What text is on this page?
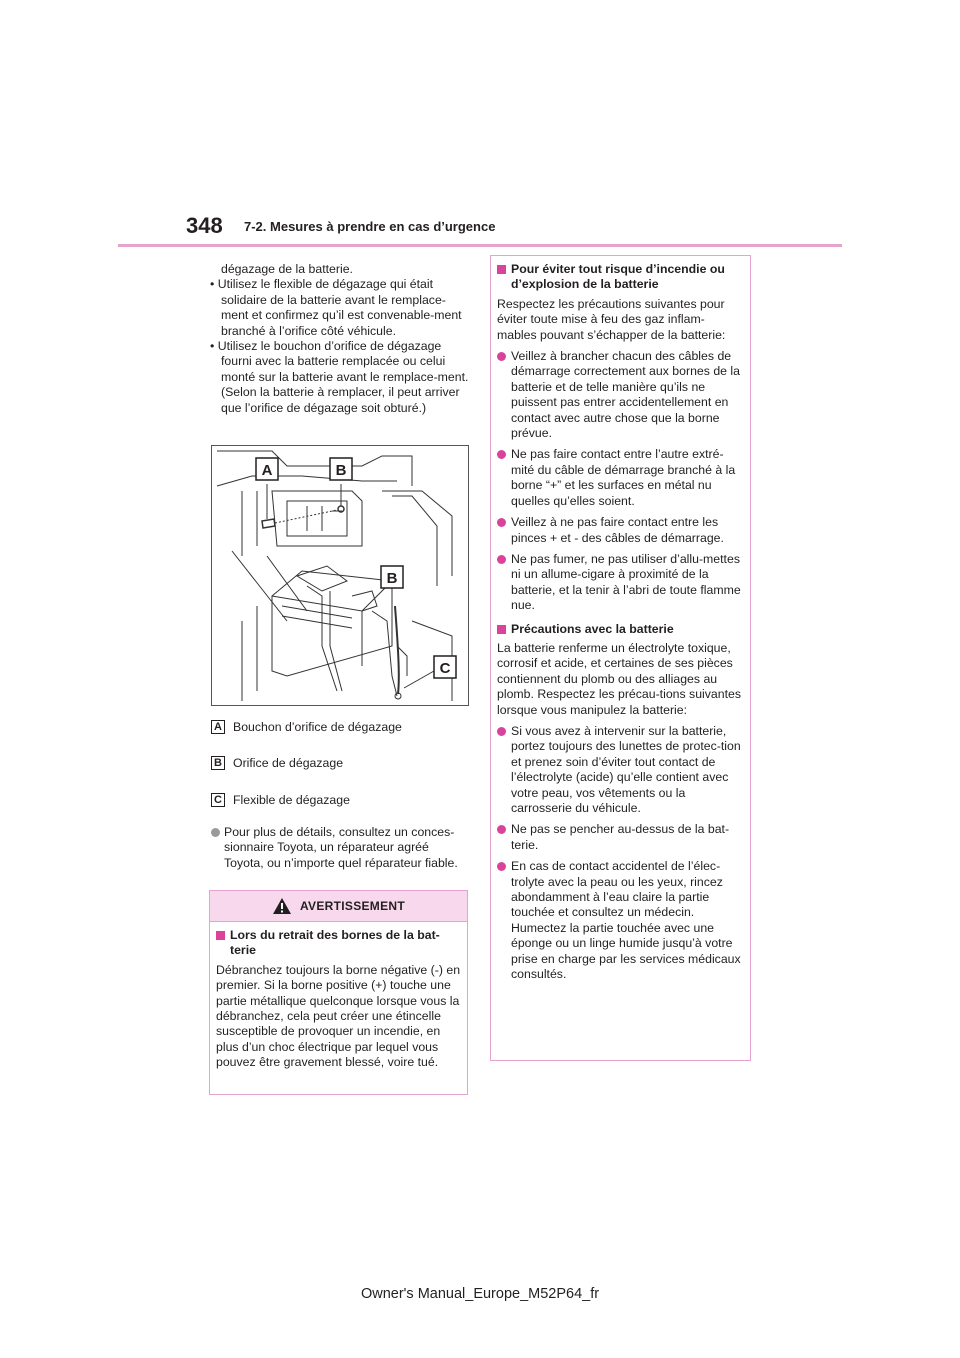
348 7-2. Mesures à prendre en cas d’urgence

dégazage de la batterie.

• Utilisez le flexible de dégazage qui était solidaire de la batterie avant le remplace-ment et confirmez qu’il est convenable-ment branché à l’orifice côté véhicule.

• Utilisez le bouchon d’orifice de dégazage fourni avec la batterie remplacée ou celui monté sur la batterie avant le remplace-ment. (Selon la batterie à remplacer, il peut arriver que l’orifice de dégazage soit obturé.)

A	B
B
C
A Bouchon d’orifice de dégazage
B Orifice de dégazage
C Flexible de dégazage
Pour plus de détails, consultez un conces-sionnaire Toyota, un réparateur agréé Toyota, ou n’importe quel réparateur fiable.
AVERTISSEMENT

Lors du retrait des bornes de la bat-terie

Débranchez toujours la borne négative (-) en premier. Si la borne positive (+) touche une partie métallique quelconque lorsque vous la débranchez, cela peut créer une étincelle susceptible de provoquer un incendie, en plus d’un choc électrique par lequel vous pouvez être gravement blessé, voire tué.

Pour éviter tout risque d’incendie ou d’explosion de la batterie

Respectez les précautions suivantes pour éviter toute mise à feu des gaz inflam-mables pouvant s’échapper de la batterie:

Veillez à brancher chacun des câbles de démarrage correctement aux bornes de la batterie et de telle manière qu’ils ne puissent pas entrer accidentellement en contact avec autre chose que la borne prévue.

Ne pas faire contact entre l’autre extré-mité du câble de démarrage branché à la borne “+” et les surfaces en métal nu quelles qu’elles soient.

Veillez à ne pas faire contact entre les pinces + et - des câbles de démarrage.

Ne pas fumer, ne pas utiliser d’allu-mettes ni un allume-cigare à proximité de la batterie, et la tenir à l’abri de toute flamme nue.

Précautions avec la batterie

La batterie renferme un électrolyte toxique, corrosif et acide, et certaines de ses pièces contiennent du plomb ou des alliages au plomb. Respectez les précau-tions suivantes lorsque vous manipulez la batterie:

Si vous avez à intervenir sur la batterie, portez toujours des lunettes de protec-tion et prenez soin d’éviter tout contact de l’électrolyte (acide) qu’elle contient avec votre peau, vos vêtements ou la carrosserie du véhicule.

Ne pas se pencher au-dessus de la bat-terie.

En cas de contact accidentel de l’élec-trolyte avec la peau ou les yeux, rincez abondamment à l’eau claire la partie touchée et consultez un médecin. Humectez la partie touchée avec une éponge ou un linge humide jusqu’à votre prise en charge par les services médicaux consultés.

Owner's Manual_Europe_M52P64_fr
